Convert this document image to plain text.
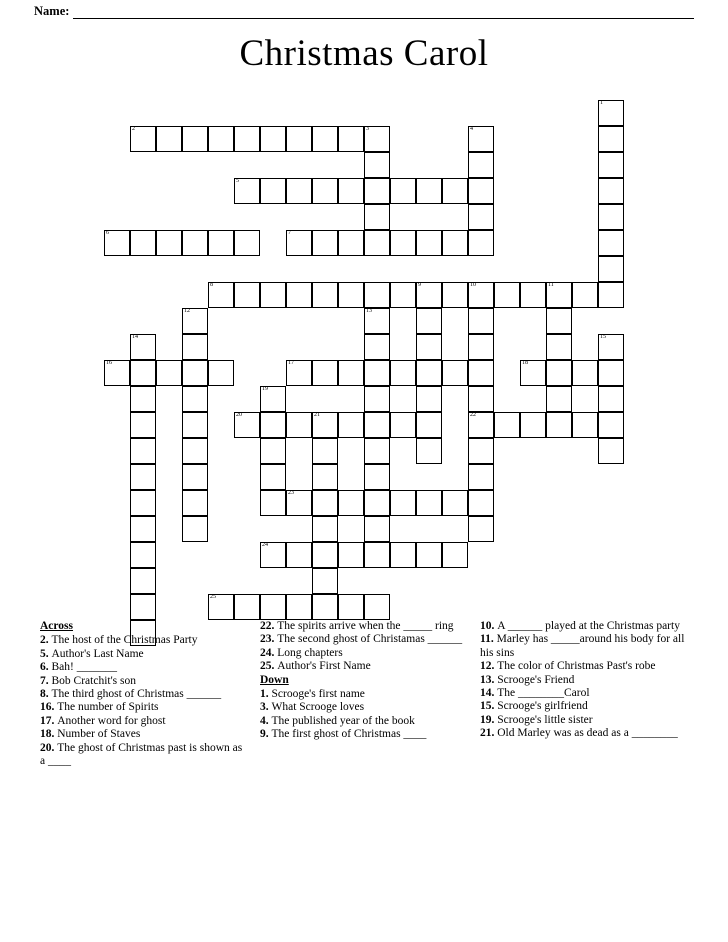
Name:
Christmas Carol
1
2	3	4
5
6	7
8	9	10	11
22
12	13
14	15
16	17	18
19
20	21
23
24
25
Across
2. The host of the Christmas Party
5. Author's Last Name
6. Bah! _______
7. Bob Cratchit's son
8. The third ghost of Christmas ______
16. The number of Spirits
17. Another word for ghost
18. Number of Staves
20. The ghost of Christmas past is shown as a ____
22. The spirits arrive when the _____ ring
23. The second ghost of Christamas ______
24. Long chapters
25. Author's First Name
Down
1. Scrooge's first name
3. What Scrooge loves
4. The published year of the book
9. The first ghost of Christmas ____
10. A ______ played at the Christmas party
11. Marley has _____around his body for all his sins
12. The color of Christmas Past's robe
13. Scrooge's Friend
14. The ________Carol
15. Scrooge's girlfriend
19. Scrooge's little sister
21. Old Marley was as dead as a ________
